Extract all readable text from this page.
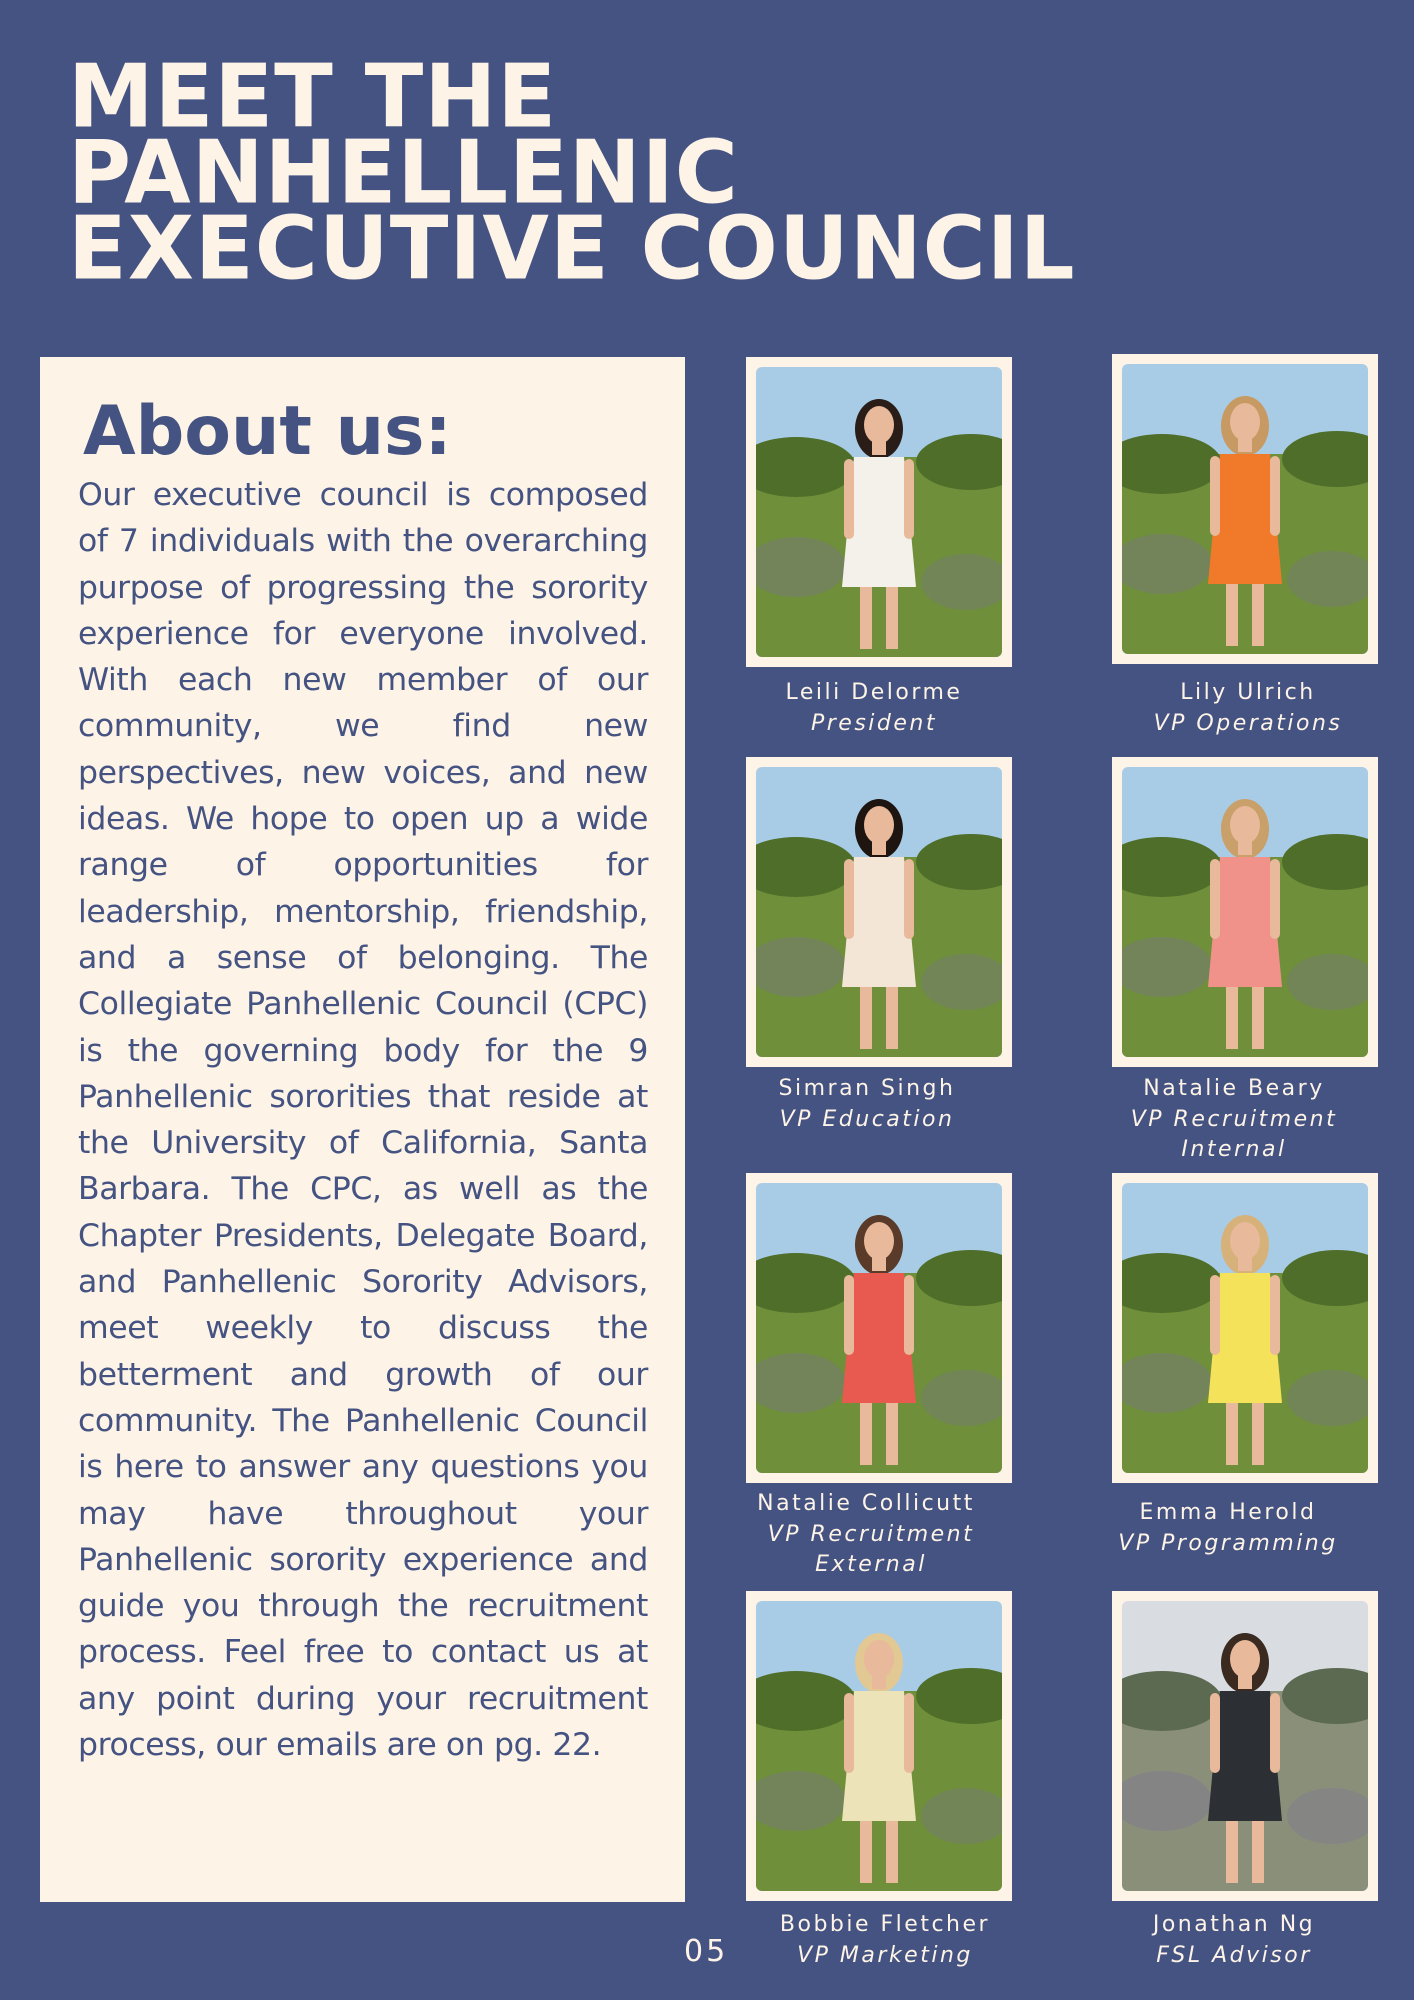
MEET THE
PANHELLENIC
EXECUTIVE COUNCIL
About us:

Our executive council is composed of 7 individuals with the overarching purpose of progressing the sorority experience for everyone involved. With each new member of our community, we find new perspectives, new voices, and new ideas. We hope to open up a wide range of opportunities for leadership, mentorship, friendship, and a sense of belonging. The Collegiate Panhellenic Council (CPC) is the governing body for the 9 Panhellenic sororities that reside at the University of California, Santa Barbara. The CPC, as well as the Chapter Presidents, Delegate Board, and Panhellenic Sorority Advisors, meet weekly to discuss the betterment and growth of our community. The Panhellenic Council is here to answer any questions you may have throughout your Panhellenic sorority experience and guide you through the recruitment process. Feel free to contact us at any point during your recruitment process, our emails are on pg. 22.

Leili Delorme
President
Lily Ulrich
VP Operations
Simran Singh
VP Education
Natalie Beary
VP Recruitment Internal
Natalie Collicutt
VP Recruitment External
Emma Herold
VP Programming
Bobbie Fletcher
VP Marketing
Jonathan Ng
FSL Advisor
05
